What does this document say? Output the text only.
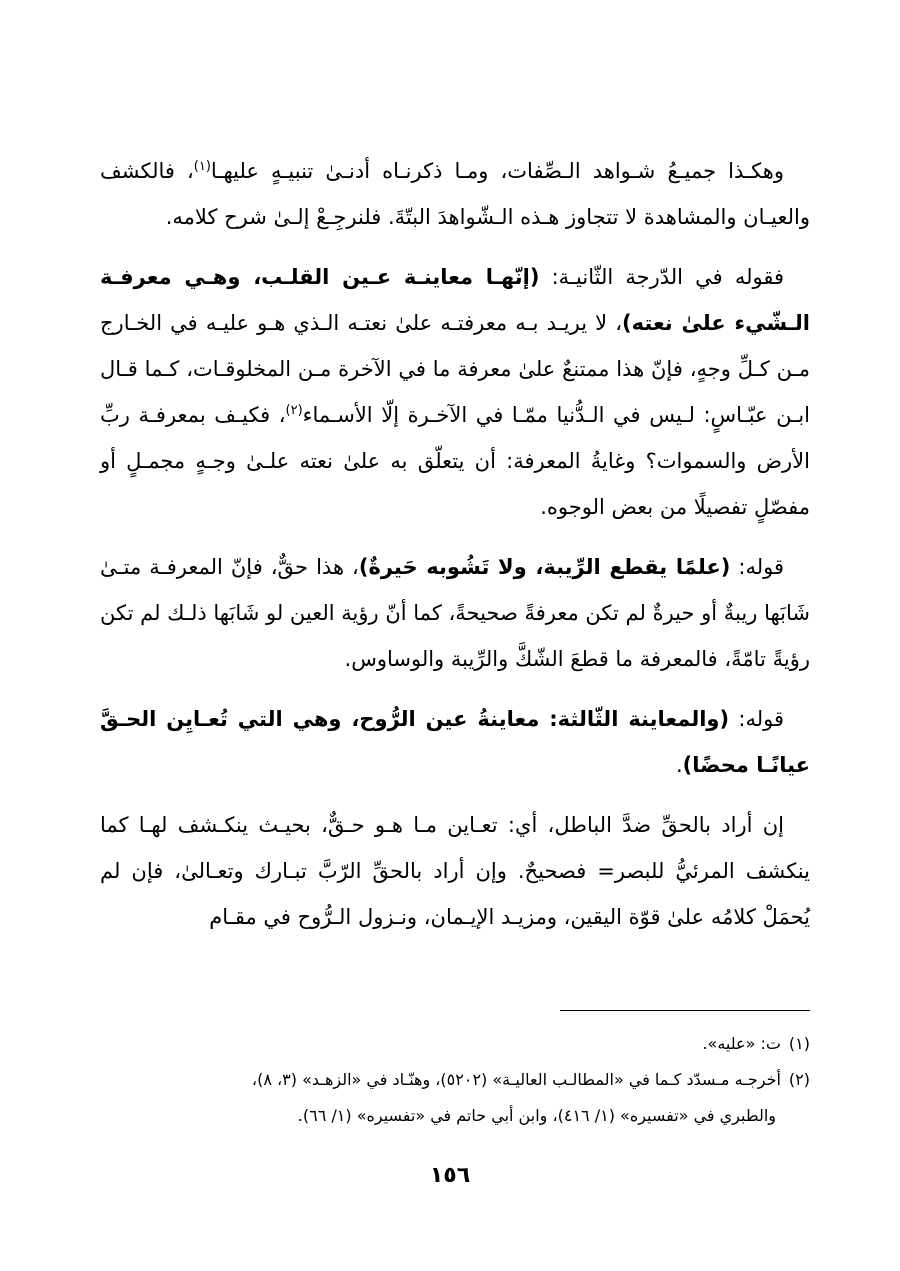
وهكـذا جميـعُ شـواهد الـصِّفات، ومـا ذكرنـاه أدنـىٰ تنبيـهٍ عليهـا$^{(١)}$، فالكشف والعيـان والمشاهدة لا تتجاوز هـذه الـشّواهدَ البتّةَ. فلنرجِـعْ إلـىٰ شرح كلامه.

فقوله في الدّرجة الثّانيـة: (إنّهـا معاينـة عـين القلـب، وهـي معرفـة الـشّيء علىٰ نعته)، لا يريـد بـه معرفتـه علىٰ نعتـه الـذي هـو عليـه في الخـارج مـن كـلِّ وجهٍ، فإنّ هذا ممتنعٌ علىٰ معرفة ما في الآخرة مـن المخلوقـات، كـما قـال ابـن عبّـاسٍ: لـيس في الـدُّنيا ممّـا في الآخـرة إلّا الأسـماء$^{(٢)}$، فكيـف بمعرفـة ربِّ الأرض والسموات؟ وغايةُ المعرفة: أن يتعلّق به علىٰ نعته علـىٰ وجـهٍ مجمـلٍ أو مفصّلٍ تفصيلًا من بعض الوجوه.

قوله: (علمًا يقطع الرِّيبة، ولا تَشُوبه حَيرةٌ)، هذا حقٌّ، فإنّ المعرفـة متـىٰ شَابَها ريبةٌ أو حيرةٌ لم تكن معرفةً صحيحةً، كما أنّ رؤية العين لو شَابَها ذلـك لم تكن رؤيةً تامّةً، فالمعرفة ما قطعَ الشّكَّ والرِّيبة والوساوس.

قوله: (والمعاينة الثّالثة: معاينةُ عين الرُّوح، وهي التي تُعـايِن الحـقَّ عيانًـا محضًا).

إن أراد بالحقِّ ضدَّ الباطل، أي: تعـاين مـا هـو حـقٌّ، بحيـث ينكـشف لهـا كما ينكشف المرئيُّ للبصر= فصحيحٌ. وإن أراد بالحقِّ الرّبَّ تبـارك وتعـالىٰ، فإن لم يُحمَلْ كلامُه علىٰ قوّة اليقين، ومزيـد الإيـمان، ونـزول الـرُّوح في مقـام

(١)ت: «عليه».

(٢)أخرجـه مـسدّد كـما في «المطالـب العاليـة» (٥٢٠٢)، وهنّـاد في «الزهـد» (٣، ٨)،

والطبري في «تفسيره» (١/ ٤١٦)، وابن أبي حاتم في «تفسيره» (١/ ٦٦).

١٥٦
